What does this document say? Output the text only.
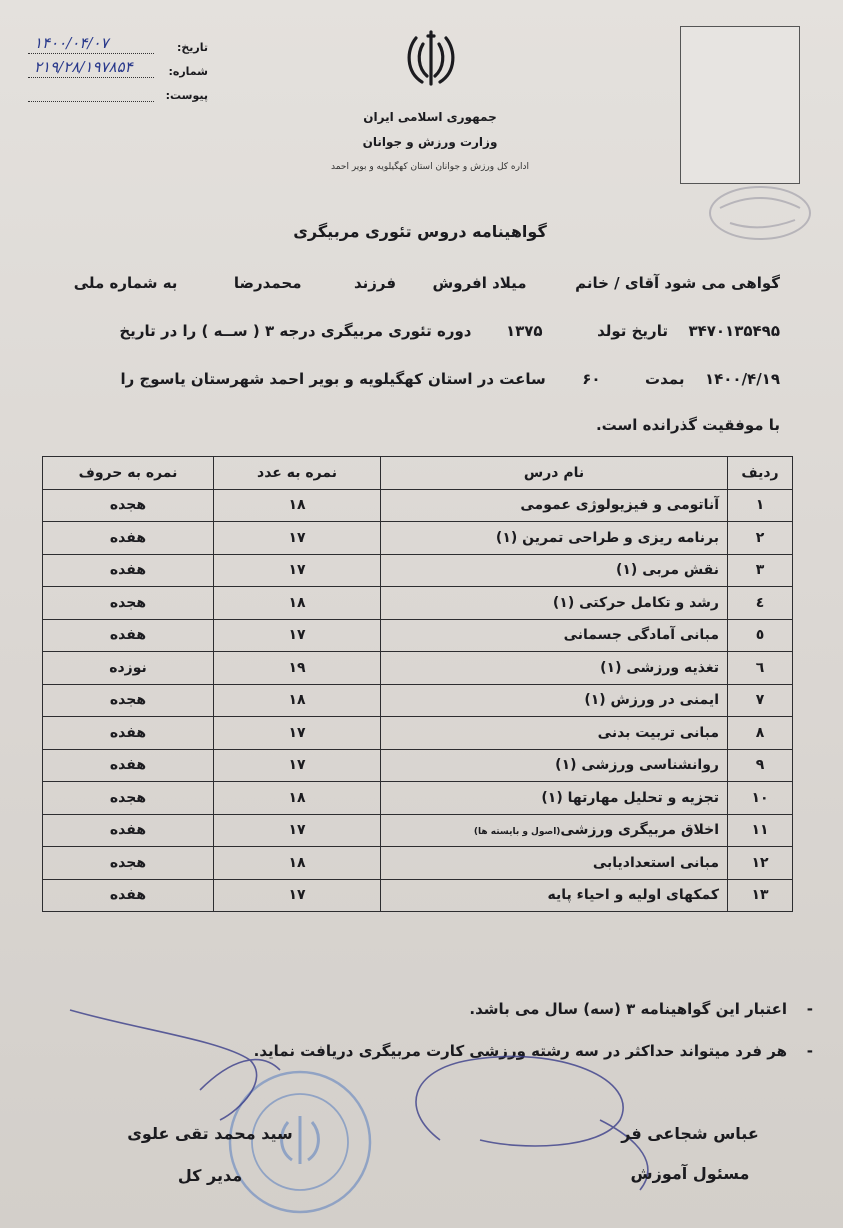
تاریخ:
۱۴۰۰/۰۴/۰۷
شماره:
۲۱۹/۲۸/۱۹۷۸۵۴
پیوست:
جمهوری اسلامی ایران
وزارت ورزش و جوانان
اداره کل ورزش و جوانان استان کهگیلویه و بویر احمد
گواهینامه دروس تئوری مربیگری
گواهی می شود آقای / خانم  میلاد افروش  فرزند  محمدرضا  به شماره ملی
۳۴۷۰۱۳۵۴۹۵  تاریخ تولد  ۱۳۷۵  دوره تئوری مربیگری درجه ۳ ( ســه ) را در تاریخ
۱۴۰۰/۴/۱۹  بمدت  ۶۰  ساعت در استان کهگیلویه و بویر احمد شهرستان یاسوج را
با موفقیت گذرانده است.
ردیف	نام درس	نمره به عدد	نمره به حروف
۱	آناتومی و فیزیولوژی عمومی	۱۸	هجده
۲	برنامه ریزی و طراحی تمرین (۱)	۱۷	هفده
۳	نقش مربی (۱)	۱۷	هفده
٤	رشد و تکامل حرکتی (۱)	۱۸	هجده
٥	مبانی آمادگی جسمانی	۱۷	هفده
٦	تغذیه ورزشی (۱)	۱۹	نوزده
۷	ایمنی در ورزش (۱)	۱۸	هجده
۸	مبانی تربیت بدنی	۱۷	هفده
۹	روانشناسی ورزشی (۱)	۱۷	هفده
۱۰	تجزیه و تحلیل مهارتها (۱)	۱۸	هجده
۱۱	اخلاق مربیگری ورزشی(اصول و بایسته ها)	۱۷	هفده
۱۲	مبانی استعدادیابی	۱۸	هجده
۱۳	کمکهای اولیه و احیاء پایه	۱۷	هفده
-اعتبار این گواهینامه ۳ (سه) سال می باشد.
-هر فرد میتواند حداکثر در سه رشته ورزشی کارت مربیگری دریافت نماید.
عباس شجاعی فر
مسئول آموزش
سید محمد تقی علوی
مدیر کل
